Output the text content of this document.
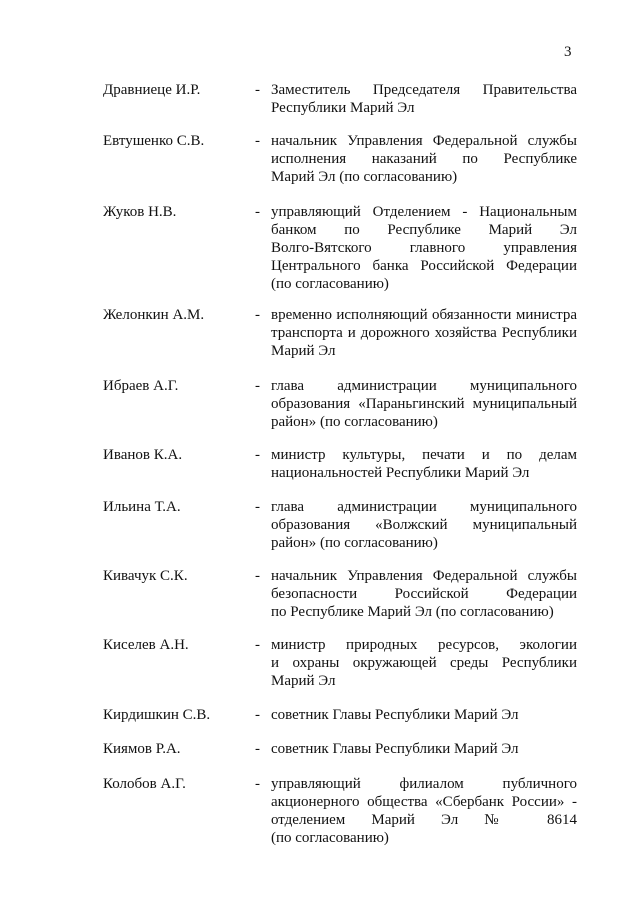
3
Дравниеце И.Р.	- Заместитель Председателя Правительства
Республики Марий Эл
Евтушенко С.В.	- начальник Управления Федеральной службы
исполнения наказаний по Республике
Марий Эл (по согласованию)
Жуков Н.В.	- управляющий Отделением - Национальным
банком по Республике Марий Эл
Волго-Вятского главного управления
Центрального банка Российской Федерации
(по согласованию)
Желонкин А.М.	- временно исполняющий обязанности министра
транспорта и дорожного хозяйства Республики
Марий Эл
Ибраев А.Г.	- глава администрации муниципального
образования «Параньгинский муниципальный
район» (по согласованию)
Иванов К.А.	- министр культуры, печати и по делам
национальностей Республики Марий Эл
Ильина Т.А.	- глава администрации муниципального
образования «Волжский муниципальный
район» (по согласованию)
Кивачук С.К.	- начальник Управления Федеральной службы
безопасности Российской Федерации
по Республике Марий Эл (по согласованию)
Киселев А.Н.	- министр природных ресурсов, экологии
и охраны окружающей среды Республики
Марий Эл
Кирдишкин С.В.	- советник Главы Республики Марий Эл
Киямов Р.А.	- советник Главы Республики Марий Эл
Колобов А.Г.	- управляющий филиалом публичного
акционерного общества «Сбербанк России» -
отделением Марий Эл № 8614
(по согласованию)
